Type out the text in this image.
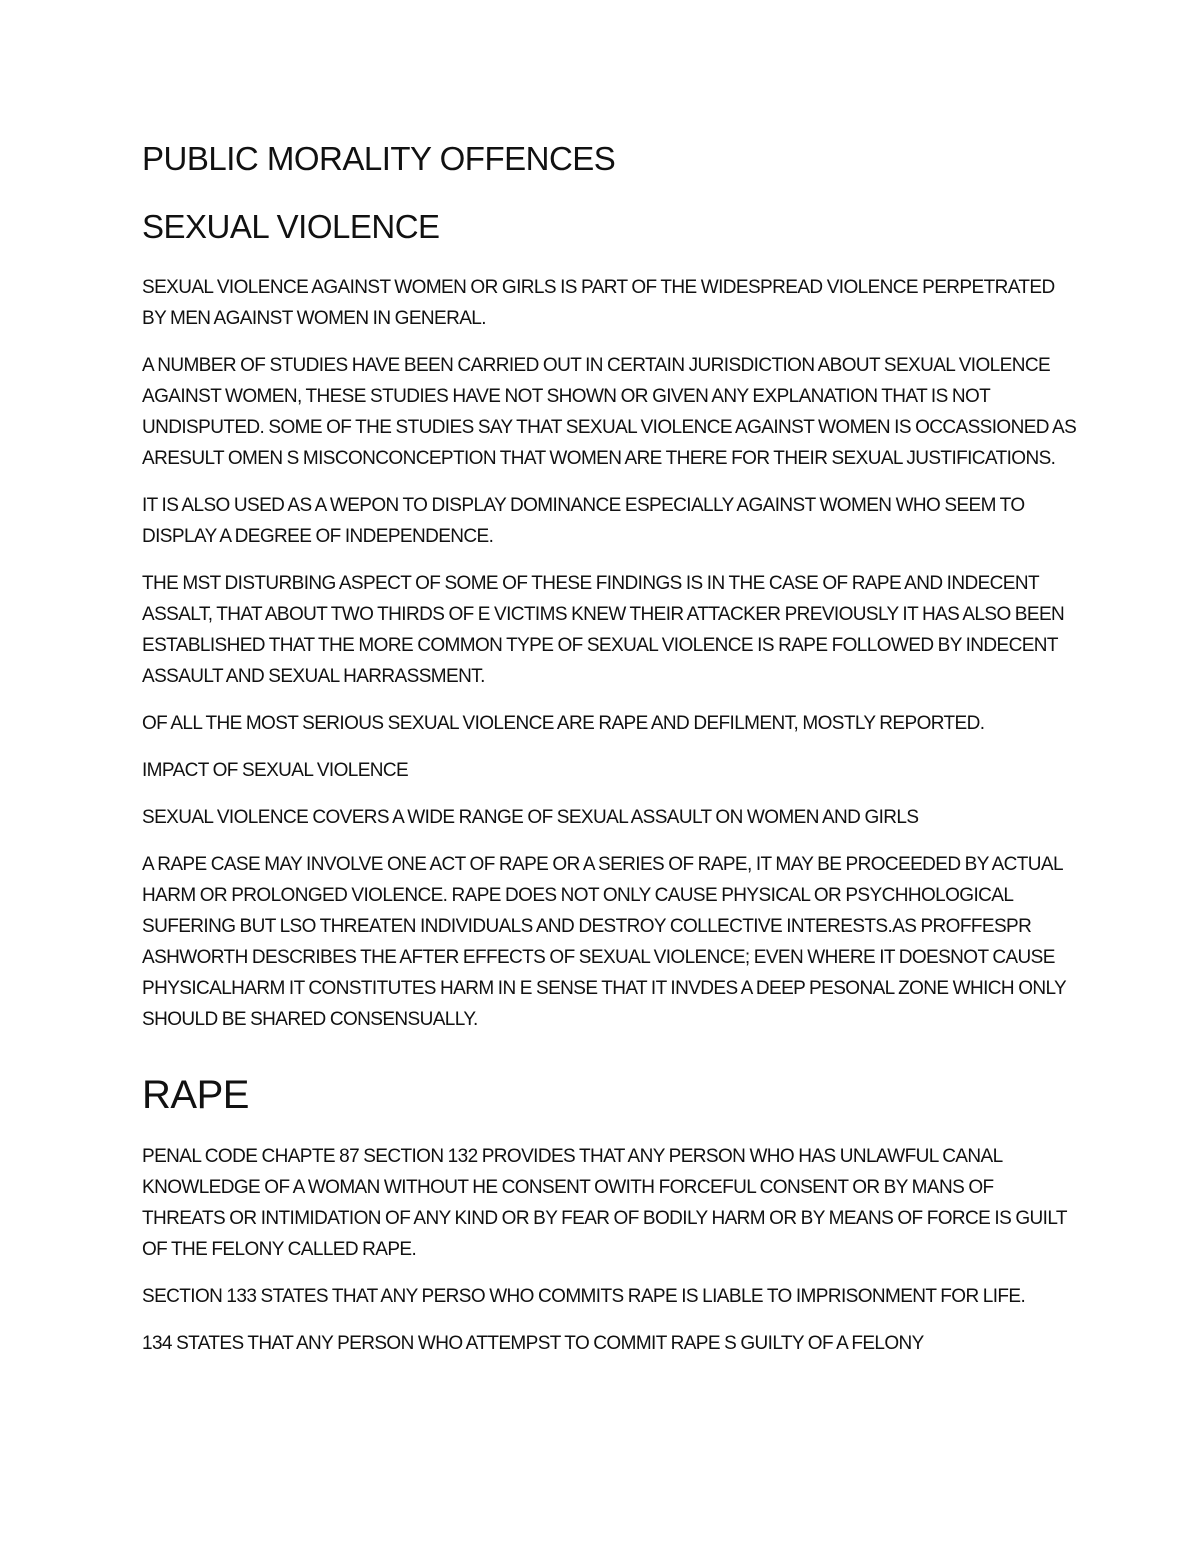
PUBLIC MORALITY OFFENCES
SEXUAL VIOLENCE
SEXUAL VIOLENCE AGAINST WOMEN OR GIRLS IS PART OF THE WIDESPREAD VIOLENCE PERPETRATED BY MEN AGAINST WOMEN IN GENERAL.
A NUMBER OF STUDIES HAVE BEEN CARRIED OUT IN CERTAIN JURISDICTION ABOUT SEXUAL VIOLENCE AGAINST WOMEN, THESE STUDIES HAVE NOT SHOWN OR GIVEN ANY EXPLANATION THAT IS NOT UNDISPUTED. SOME OF THE STUDIES SAY THAT SEXUAL VIOLENCE AGAINST WOMEN IS OCCASSIONED AS ARESULT OMEN S MISCONCONCEPTION THAT WOMEN ARE THERE FOR THEIR SEXUAL JUSTIFICATIONS.
IT IS ALSO USED AS A WEPON TO DISPLAY DOMINANCE ESPECIALLY AGAINST WOMEN WHO SEEM TO DISPLAY A DEGREE OF INDEPENDENCE.
THE MST DISTURBING ASPECT OF SOME OF THESE FINDINGS IS IN THE CASE OF RAPE AND INDECENT ASSALT, THAT ABOUT TWO THIRDS OF E VICTIMS KNEW THEIR ATTACKER PREVIOUSLY IT HAS ALSO BEEN ESTABLISHED THAT THE MORE COMMON TYPE OF SEXUAL VIOLENCE IS RAPE FOLLOWED BY INDECENT ASSAULT AND SEXUAL HARRASSMENT.
OF ALL THE MOST SERIOUS SEXUAL VIOLENCE ARE RAPE AND DEFILMENT, MOSTLY REPORTED.
IMPACT OF SEXUAL VIOLENCE
SEXUAL VIOLENCE COVERS A WIDE RANGE OF SEXUAL ASSAULT ON WOMEN AND GIRLS
A RAPE CASE MAY INVOLVE ONE ACT OF RAPE OR A SERIES OF RAPE, IT MAY BE PROCEEDED BY ACTUAL HARM OR PROLONGED VIOLENCE. RAPE DOES NOT ONLY CAUSE PHYSICAL OR PSYCHHOLOGICAL SUFERING BUT LSO THREATEN INDIVIDUALS AND DESTROY COLLECTIVE INTERESTS.AS PROFFESPR ASHWORTH DESCRIBES THE AFTER EFFECTS OF SEXUAL VIOLENCE; EVEN WHERE IT DOESNOT CAUSE PHYSICALHARM IT CONSTITUTES HARM IN E SENSE THAT IT INVDES A DEEP PESONAL ZONE WHICH ONLY SHOULD BE SHARED CONSENSUALLY.
RAPE
PENAL CODE CHAPTE 87 SECTION 132 PROVIDES THAT ANY PERSON WHO HAS UNLAWFUL CANAL KNOWLEDGE OF A WOMAN WITHOUT HE CONSENT OWITH FORCEFUL CONSENT OR BY MANS OF THREATS OR INTIMIDATION OF ANY KIND OR BY FEAR OF BODILY HARM OR BY MEANS OF FORCE IS GUILT OF THE FELONY CALLED RAPE.
SECTION 133 STATES THAT ANY PERSO WHO COMMITS RAPE IS LIABLE TO IMPRISONMENT FOR LIFE.
134 STATES THAT ANY PERSON WHO ATTEMPST TO COMMIT RAPE S GUILTY OF A FELONY
